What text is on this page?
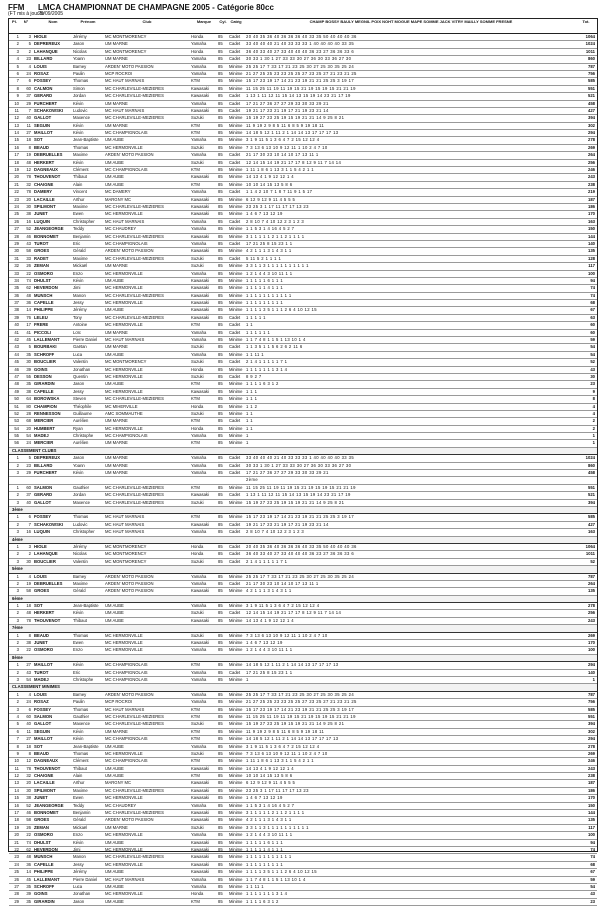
FFM LMCA CHAMPIONNAT DE CHAMPAGNE 2005 - Catégorie 80cc
(FT mis à jour le
29/09/2005
Pl.	N°	Nom	Prénom	Club	Marque	Cyl. Catég	CHAMP BOSSY BAULY MEGNIL POIX NOHT MOGUE MAPE SOMME JACK VITRY MAILLY SOMME FRESNE	Tot.
1	3 HIOLE	Jérémy	MC MONTMORENCY	Honda	85	Cadet	20 40 35 36 40 36 36 36 40 33 35 50 40 40 40 36	1064
2	5 DEPREREUX	Jason	UM MARNE	Yamaha	85	Cadet	33 40 40 40 21 40 33 33 33 1 40 40 40 40 33 35	1024
3	2 LAHANQUE	Nicolas	MC MONTMORENCY	Honda	85	Cadet	36 40 33 40 27 33 40 40 40 36 23 27 36 36 33 6	1011
4	23 BILLARD	Yoann	UM MARNE	Yamaha	85	Cadet	30 33 1 30 1 27 33 33 30 27 36 30 33 36 27 30	860
5	4 LOUIS	Barney	ARDEN' MOTO PASSION	Yamaha	85	Minime 25 25 17 7 33 17 21 23 25 30 27 25 30 35 25 24	787
6	24 ROSAZ	Paulin	MCP ROCROI	Yamaha	85	Minime 21 27 25 25 23 23 25 25 27 23 25 27 21 23 21 25	756
7	6 FOSSEY	Thomas	MC HAUT MARNAIS	KTM	85	Minime 15 17 23 19 17 14 21 23 19 21 21 25 25 3 19 17	585
8	60 CALMON	Simon	MC CHARLEVILLE-MEZIERES	Kawasaki	85	Minime 11 15 25 11 19 11 19 15 21 19 15 19 15 21 21 19	551
9	37 GERARD	Jordan	MC CHARLEVILLE-MEZIERES	Kawasaki	85	Cadet	1 13 1 11 12 11 15 14 13 15 19 14 23 21 17 19	521
10	29 FURCHERT	Kévin	UM MARNE	Yamaha	85	Cadet	17 21 27 36 27 27 29 33 30 33 29 21	458
11	7 SCHAKOWSKI	Ludovic	MC HAUT MARNAIS	Kawasaki	85	Cadet	19 21 17 23 21 19 17 21 19 23 21 14	427
12	40 GALLOT	Maxence	MC CHARLEVILLE-MEZIERES	Suzuki	85	Minime 15 19 27 23 25 19 15 19 21 21 14 9 25 8 21	394
13	11 SEGUIN	Kévin	UM MARNE	KTM	85	Minime 11 9 19 2 9 8 5 11 6 8 5 9 19 18 11	302
14	27 MAILLOT	Kévin	MC CHAMPIGNOLAIS	KTM	85	Minime 14 18 5 12 1 11 2 1 14 14 13 17 17 17 13	294
15	18 SOT	Jean-Baptiste	UM AUBE	Yamaha	85	Minime 3 1 9 11 5 1 3 6 4 7 2 15 12 12 4	278
16	8 BEAUD	Thomas	MC HERMONVILLE	Suzuki	85	Minime 7 3 13 6 13 10 9 12 11 1 10 2 4 7 10	269
17	19 DEBRUELLES	Maxime	ARDEN' MOTO PASSION	Yamaha	85	Cadet	21 17 30 23 10 14 10 17 13 11 1	264
18	48 HERKERT	Kévin	UM AUBE	Suzuki	85	Cadet	12 14 15 14 19 21 17 17 8 12 9 11 7 14 14	256
19	12 DAGNEAUX	Clément	MC CHAMPIGNOLAIS	KTM	85	Minime 1 11 1 8 6 1 13 3 1 1 5 4 2 1 1	246
20	78 THOUVENOT	Thibaut	UM AUBE	Kawasaki	85	Minime 14 13 4 1 9 12 12 1 4	243
21	32 CHAIGNE	Alain	UM AUBE	KTM	85	Minime 10 10 14 15 13 5 8 6	238
22	78 DAMERY	Vincent	MC DAMERY	Yamaha	85	Cadet	1 1 4 2 10 7 1 8 7 11 9 1 5 17	219
23	20 LACAILLE	Arthur	MARGNY MC	Kawasaki	85	Minime 6 12 9 12 9 11 4 5 5 5	187
24	30 SPILMONT	Maxime	MC CHARLEVILLE-MEZIERES	Kawasaki	85	Minime 23 25 3 1 17 11 17 17 13 23	186
25	38 JUNET	Ewen	MC HERMONVILLE	Kawasaki	85	Minime 1 4 6 7 13 12 19	170
26	16 LUQUIN	Christopher	MC HAUT MARNAIS	Yamaha	85	Cadet	2 8 10 7 4 10 12 2 3 1 2 3	163
27	52 JEANGEORGE	Teddy	MC CHAUDREY	Yamaha	85	Minime 1 1 5 3 1 4 16 4 5 2 7	150
28	46 BONNOMET	Benjamin	MC CHARLEVILLE-MEZIERES	Kawasaki	85	Minime 3 1 1 1 1 1 2 1 1 2 1 1 1 1	144
29	43 TUROT	Eric	MC CHAMPIGNOLAIS	Yamaha	85	Cadet	17 21 25 8 15 23 1 1	140
30	58 GROES	Gérald	ARDEN' MOTO PASSION	Kawasaki	85	Minime 4 2 1 1 1 3 1 4 3 1 1	135
31	33 RADET	Maxime	MC CHARLEVILLE-MEZIERES	Suzuki	85	Cadet	5 11 5 2 1 1 1 1	128
32	26 ZEMAN	Mickaël	UM MARNE	Suzuki	85	Minime 3 3 1 1 3 1 1 1 1 1 1 1 1 1 1	117
33	22 OSMORO	Enzo	MC HERMONVILLE	Yamaha	85	Minime 1 2 1 4 4 3 10 11 1 1	100
34	74 DHULST	Kévin	UM AUBE	Kawasaki	85	Minime 1 1 1 1 1 6 1 1 1	94
35	62 HEVERDON	Jimi	MC HERMONVILLE	Kawasaki	85	Minime 1 1 1 1 1 4 1 1 1	74
36	48 MUNSCH	Manon	MC CHARLEVILLE-MEZIERES	Kawasaki	85	Minime 1 1 1 1 1 1 1 1 1 1 1	74
37	36 CAPELLE	Jessy	MC HERMONVILLE	Kawasaki	85	Minime 1 1 1 1 1 1 1 1 1	68
38	14 PHILIPPE	Jérémy	UM AUBE	Kawasaki	85	Minime 1 1 1 1 3 5 1 1 1 2 6 4 10 12 15	67
39	76 LELEU	Tony	MC CHARLEVILLE-MEZIERES	Kawasaki	85	Cadet	1 1 1 1 1	63
40	17 FRERE	Antoine	MC HERMONVILLE	KTM	85	Cadet	1 1	60
41	41 PICCOLI	Loïc	UM MARNE	Yamaha	85	Cadet	1 1 1 1 1 1	60
42	45 LALLEMANT	Pierre Daniel	MC HAUT MARNAIS	Yamaha	85	Minime 1 1 7 4 8 1 1 5 1 13 10 1 4	59
43	5 BOURBAKI	Gaëtan	UM MARNE	Suzuki	85	Cadet	1 1 3 5 1 1 5 6 2 6 2 11 6	54
44	35 SCHROFF	Luca	UM AUBE	Yamaha	85	Minime 1 1 11 1	54
45	30 BOUCLIER	Valentin	MC MONTMORENCY	Suzuki	85	Cadet	2 1 4 1 1 1 1 1 7 1	52
46	39 GOINS	Jonathan	MC HERMONVILLE	Honda	85	Minime 1 1 1 1 1 1 1 3 1 4	43
47	55 DESSON	Quentin	MC HERMONVILLE	Suzuki	85	Cadet	8 9 2 7	30
48	35 GIRARDIN	Jason	UM AUBE	KTM	85	Minime 1 1 1 1 6 3 1 2	23
49	38 CAPELLE	Jessy	MC HERMONVILLE	Kawasaki	85	Minime 1 1 1	9
50	64 BOROWSKA	Steven	MC CHARLEVILLE-MEZIERES	KTM	85	Minime 1 1 1	8
51	80 CHAMPION	Théophile	MC MIHERVILLE	Honda	85	Minime 1 1 2	4
52	28 RENNESSON	Guillaume	AMC SOMMAUTHE	Suzuki	85	Minime 1 1	4
53	68 MERCIER	Aurélien	UM MARNE	KTM	85	Cadet	1 1	2
54	20 HUMBERT	Ryan	MC HERMONVILLE	Honda	85	Minime 1 1	2
55	54 MADEJ	Christophe	MC CHAMPIGNOLAIS	Yamaha	85	Minime 1	1
56	24 MERCIER	Aurélien	UM MARNE	KTM	85	Minime 1	1
CLASSEMENT CLUBS
1	5 DEPREREUX	Jason	UM MARNE	Yamaha	85	Cadet	33 40 40 40 21 40 33 33 33 1 40 40 40 40 33 35	1024
2	23 BILLARD	Yoann	UM MARNE	Yamaha	85	Cadet	30 33 1 30 1 27 33 33 30 27 36 30 33 36 27 30	860
3	29 FURCHERT	Kévin	UM MARNE	Yamaha	85	Cadet	17 21 27 36 27 27 29 33 30 33 29 21	458
2ème
1	60 SALMON	Gauthier	MC CHARLEVILLE-MEZIERES	KTM	85	Minime 11 15 25 11 19 11 19 15 21 19 15 19 15 21 21 19	551
2	37 GERARD	Jordan	MC CHARLEVILLE-MEZIERES	Kawasaki	85	Cadet	1 13 1 11 12 11 15 14 13 15 19 14 23 21 17 19	521
3	40 GALLOT	Maxence	MC CHARLEVILLE-MEZIERES	Suzuki	85	Minime 15 19 27 23 25 19 15 19 21 21 14 9 25 8 21	394
3ème
1	6 FOSSEY	Thomas	MC HAUT MARNAIS	KTM	85	Minime 15 17 23 19 17 14 21 23 19 21 21 25 25 3 19 17	585
2	7 SCHAKOWSKI	Ludovic	MC HAUT MARNAIS	Kawasaki	85	Cadet	19 21 17 23 21 19 17 21 19 23 21 14	427
3	16 LUQUIN	Christopher	MC HAUT MARNAIS	Yamaha	85	Cadet	2 8 10 7 4 10 12 2 3 1 2 3	163
4ème
1	3 HIOLE	Jérémy	MC MONTMORENCY	Honda	85	Cadet	20 40 35 36 40 36 36 36 40 33 35 50 40 40 40 36	1064
2	2 LAHANQUE	Nicolas	MC MONTMORENCY	Honda	85	Cadet	36 40 33 40 27 33 40 40 40 36 23 27 36 36 33 6	1011
3	30 BOUCLIER	Valentin	MC MONTMORENCY	Suzuki	85	Cadet	2 1 4 1 1 1 1 1 7 1	52
5ème
1	4 LOUIS	Barney	ARDEN' MOTO PASSION	Yamaha	85	Minime 25 25 17 7 33 17 21 23 25 30 27 25 30 35 25 24	787
2	19 DEBRUELLES	Maxime	ARDEN' MOTO PASSION	Yamaha	85	Cadet	21 17 30 23 10 14 10 17 13 11 1	264
3	58 GROES	Gérald	ARDEN' MOTO PASSION	Kawasaki	85	Minime 4 2 1 1 1 3 1 4 3 1 1	135
6ème
1	18 SOT	Jean-Baptiste	UM AUBE	Yamaha	85	Minime 3 1 9 11 5 1 3 6 4 7 2 15 12 12 4	278
2	48 HERKERT	Kévin	UM AUBE	Suzuki	85	Cadet	12 14 15 14 19 21 17 17 8 12 9 11 7 14 14	256
3	78 THOUVENOT	Thibaut	UM AUBE	Kawasaki	85	Minime 14 13 4 1 9 12 12 1 4	243
7ème
1	8 BEAUD	Thomas	MC HERMONVILLE	Suzuki	85	Minime 7 3 13 6 13 10 9 12 11 1 10 2 4 7 10	269
2	38 JUNET	Ewen	MC HERMONVILLE	Kawasaki	85	Minime 1 4 6 7 13 12 19	170
3	22 OSMORO	Enzo	MC HERMONVILLE	Yamaha	85	Minime 1 2 1 4 4 3 10 11 1 1	100
8ème
1	27 MAILLOT	Kévin	MC CHAMPIGNOLAIS	KTM	85	Minime 14 18 5 12 1 11 2 1 14 14 13 17 17 17 13	294
2	43 TUROT	Eric	MC CHAMPIGNOLAIS	Yamaha	85	Cadet	17 21 25 8 15 23 1 1	140
3	54 MADEJ	Christophe	MC CHAMPIGNOLAIS	Yamaha	85	Minime 1	1
CLASSEMENT MINIMES
1	4 LOUIS	Barney	ARDEN' MOTO PASSION	Yamaha	85	Minime 25 25 17 7 33 17 21 23 25 30 27 25 30 35 25 24	787
2	24 ROSAZ	Paulin	MCP ROCROI	Yamaha	85	Minime 21 27 25 25 23 23 25 25 27 23 25 27 21 23 21 25	756
3	6 FOSSEY	Thomas	MC HAUT MARNAIS	KTM	85	Minime 15 17 23 19 17 14 21 23 19 21 21 25 25 3 19 17	585
4	60 SALMON	Gauthier	MC CHARLEVILLE-MEZIERES	KTM	85	Minime 11 15 25 11 19 11 19 15 21 19 15 19 15 21 21 19	551
5	40 GALLOT	Maxence	MC CHARLEVILLE-MEZIERES	Suzuki	85	Minime 15 19 27 23 25 19 15 19 21 21 14 9 25 8 21	394
6	11 SEGUIN	Kévin	UM MARNE	KTM	85	Minime 11 9 19 2 9 8 5 11 6 8 5 9 19 18 11	302
7	27 MAILLOT	Kévin	MC CHAMPIGNOLAIS	KTM	85	Minime 14 18 5 12 1 11 2 1 14 14 13 17 17 17 13	294
8	18 SOT	Jean-Baptiste	UM AUBE	Yamaha	85	Minime 3 1 9 11 5 1 3 6 4 7 2 15 12 12 4	278
9	8 BEAUD	Thomas	MC HERMONVILLE	Suzuki	85	Minime 7 3 13 6 13 10 9 12 11 1 10 2 4 7 10	269
10	12 DAGNEAUX	Clément	MC CHAMPIGNOLAIS	KTM	85	Minime 1 11 1 8 6 1 13 3 1 1 5 4 2 1 1	246
11	78 THOUVENOT	Thibaut	UM AUBE	Kawasaki	85	Minime 14 13 4 1 9 12 12 1 4	243
12	32 CHAIGNE	Alain	UM AUBE	KTM	85	Minime 10 10 14 15 13 5 8 6	238
13	20 LACAILLE	Arthur	MARGNY MC	Kawasaki	85	Minime 6 12 9 12 9 11 4 5 5 5	187
14	30 SPILMONT	Maxime	MC CHARLEVILLE-MEZIERES	Kawasaki	85	Minime 23 25 3 1 17 11 17 17 13 23	186
15	38 JUNET	Ewen	MC HERMONVILLE	Kawasaki	85	Minime 1 4 6 7 13 12 19	170
16	52 JEANGEORGE	Teddy	MC CHAUDREY	Yamaha	85	Minime 1 1 5 3 1 4 16 4 5 2 7	150
17	46 BONNOMET	Benjamin	MC CHARLEVILLE-MEZIERES	Kawasaki	85	Minime 3 1 1 1 1 1 2 1 1 2 1 1 1 1	144
18	58 GROES	Gérald	ARDEN' MOTO PASSION	Kawasaki	85	Minime 4 2 1 1 1 3 1 4 3 1 1	135
19	26 ZEMAN	Mickaël	UM MARNE	Suzuki	85	Minime 3 3 1 1 3 1 1 1 1 1 1 1 1 1 1	117
20	22 OSMORO	Enzo	MC HERMONVILLE	Yamaha	85	Minime 1 2 1 4 4 3 10 11 1 1	100
21	74 DHULST	Kévin	UM AUBE	Kawasaki	85	Minime 1 1 1 1 1 6 1 1 1	94
22	62 HEVERDON	Jimi	MC HERMONVILLE	Kawasaki	85	Minime 1 1 1 1 1 4 1 1 1	74
23	48 MUNSCH	Manon	MC CHARLEVILLE-MEZIERES	Kawasaki	85	Minime 1 1 1 1 1 1 1 1 1 1 1	74
24	36 CAPELLE	Jessy	MC HERMONVILLE	Kawasaki	85	Minime 1 1 1 1 1 1 1 1 1	68
25	14 PHILIPPE	Jérémy	UM AUBE	Kawasaki	85	Minime 1 1 1 1 3 5 1 1 1 2 6 4 10 12 15	67
26	45 LALLEMANT	Pierre Daniel	MC HAUT MARNAIS	Yamaha	85	Minime 1 1 7 4 8 1 1 5 1 13 10 1 4	59
27	35 SCHROFF	Luca	UM AUBE	Yamaha	85	Minime 1 1 11 1	54
28	39 GOINS	Jonathan	MC HERMONVILLE	Honda	85	Minime 1 1 1 1 1 1 1 3 1 4	43
29	35 GIRARDIN	Jason	UM AUBE	KTM	85	Minime 1 1 1 1 6 3 1 2	23
